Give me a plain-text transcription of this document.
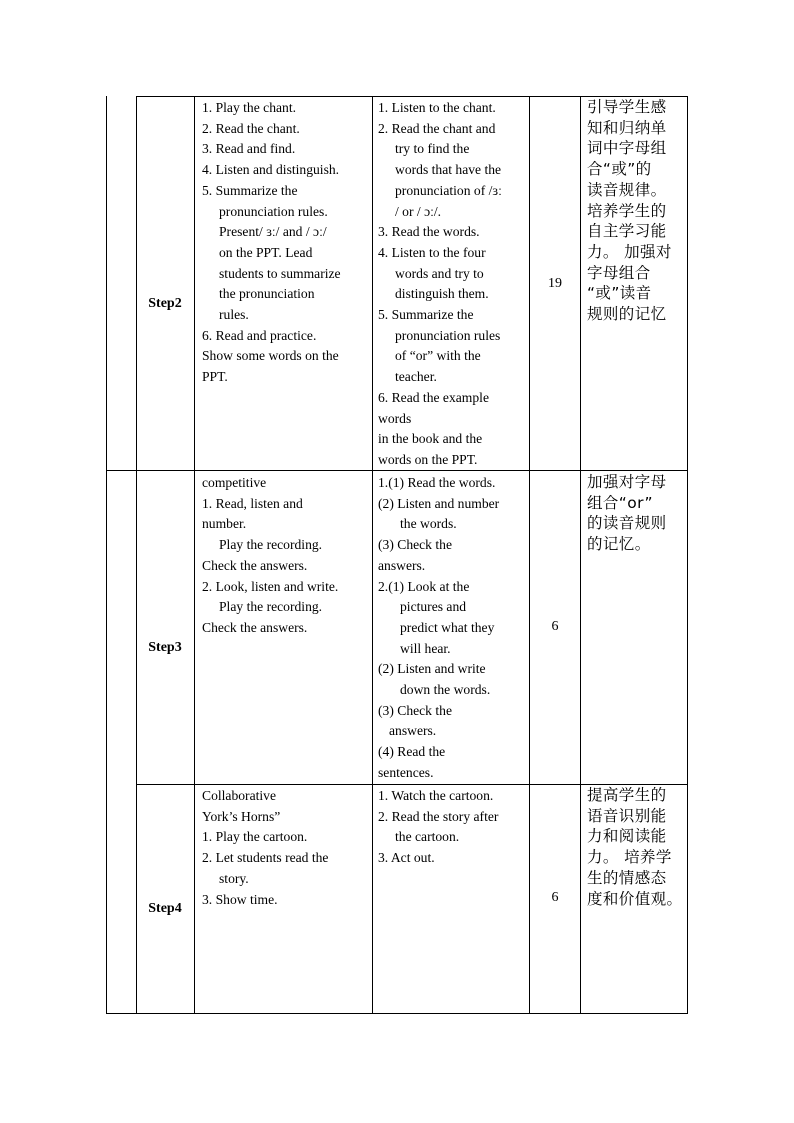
Step2
1. Play the chant.
2. Read the chant.
3. Read and find.
4. Listen and distinguish.
5. Summarize the
pronunciation rules.
Present/ ɜː/ and / ɔː/
on the PPT. Lead
students to summarize
the pronunciation
rules.
6. Read and practice.
Show some words on the
PPT.
1. Listen to the chant.
2. Read the chant and
try to find the
words that have the
pronunciation of /ɜː
/ or / ɔː/.
3. Read the words.
4. Listen to the four
words and try to
distinguish them.
5. Summarize the
pronunciation rules
of “or” with the
teacher.
6. Read the example
words
in the book and the
words on the PPT.
19
引导学生感
知和归纳单
词中字母组
合“或”的
读音规律。
培养学生的
自主学习能
力。 加强对
字母组合
“或”读音
规则的记忆
Step3
competitive
1. Read, listen and
number.
Play the recording.
Check the answers.
2. Look, listen and write.
Play the recording.
Check the answers.
1.(1) Read the words.
(2) Listen and number
the words.
(3) Check the
answers.
2.(1) Look at the
pictures and
predict what they
will hear.
(2) Listen and write
down the words.
(3) Check the
answers.
(4) Read the
sentences.
6
加强对字母
组合“or”
的读音规则
的记忆。
Step4
Collaborative
York’s Horns”
1. Play the cartoon.
2. Let students read the
story.
3. Show time.
1. Watch the cartoon.
2. Read the story after
the cartoon.
3. Act out.
6
提高学生的
语音识别能
力和阅读能
力。 培养学
生的情感态
度和价值观。
